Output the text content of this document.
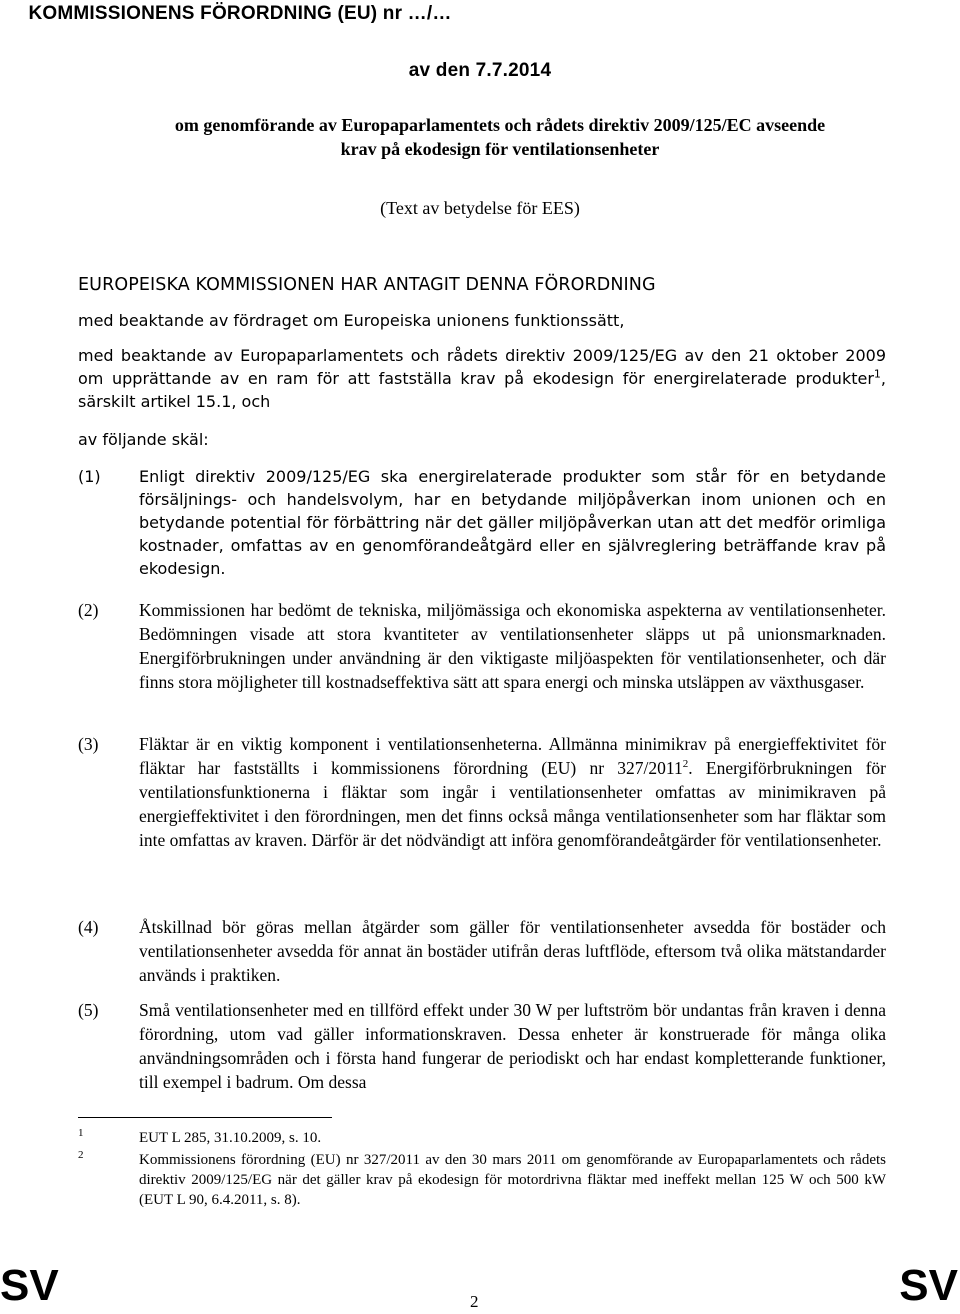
KOMMISSIONENS FÖRORDNING (EU) nr …/…
av den 7.7.2014
om genomförande av Europaparlamentets och rådets direktiv 2009/125/EC avseende
krav på ekodesign för ventilationsenheter
(Text av betydelse för EES)
EUROPEISKA KOMMISSIONEN HAR ANTAGIT DENNA FÖRORDNING
med beaktande av fördraget om Europeiska unionens funktionssätt,
med beaktande av Europaparlamentets och rådets direktiv 2009/125/EG av den 21 oktober 2009 om upprättande av en ram för att fastställa krav på ekodesign för energirelaterade produkter$^1$, särskilt artikel 15.1, och
av följande skäl:
(1) Enligt direktiv 2009/125/EG ska energirelaterade produkter som står för en betydande försäljnings- och handelsvolym, har en betydande miljöpåverkan inom unionen och en betydande potential för förbättring när det gäller miljöpåverkan utan att det medför orimliga kostnader, omfattas av en genomförandeåtgärd eller en självreglering beträffande krav på ekodesign.
(2) Kommissionen har bedömt de tekniska, miljömässiga och ekonomiska aspekterna av ventilationsenheter. Bedömningen visade att stora kvantiteter av ventilationsenheter släpps ut på unionsmarknaden. Energiförbrukningen under användning är den viktigaste miljöaspekten för ventilationsenheter, och där finns stora möjligheter till kostnadseffektiva sätt att spara energi och minska utsläppen av växthusgaser.
(3) Fläktar är en viktig komponent i ventilationsenheterna. Allmänna minimikrav på energieffektivitet för fläktar har fastställts i kommissionens förordning (EU) nr 327/2011$^2$. Energiförbrukningen för ventilationsfunktionerna i fläktar som ingår i ventilationsenheter omfattas av minimikraven på energieffektivitet i den förordningen, men det finns också många ventilationsenheter som har fläktar som inte omfattas av kraven. Därför är det nödvändigt att införa genomförandeåtgärder för ventilationsenheter.
(4) Åtskillnad bör göras mellan åtgärder som gäller för ventilationsenheter avsedda för bostäder och ventilationsenheter avsedda för annat än bostäder utifrån deras luftflöde, eftersom två olika mätstandarder används i praktiken.
(5) Små ventilationsenheter med en tillförd effekt under 30 W per luftström bör undantas från kraven i denna förordning, utom vad gäller informationskraven. Dessa enheter är konstruerade för många olika användningsområden och i första hand fungerar de periodiskt och har endast kompletterande funktioner, till exempel i badrum. Om dessa
1	EUT L 285, 31.10.2009, s. 10.
2	Kommissionens förordning (EU) nr 327/2011 av den 30 mars 2011 om genomförande av Europaparlamentets och rådets direktiv 2009/125/EG när det gäller krav på ekodesign för motordrivna fläktar med ineffekt mellan 125 W och 500 kW (EUT L 90, 6.4.2011, s. 8).
SV	2	SV
